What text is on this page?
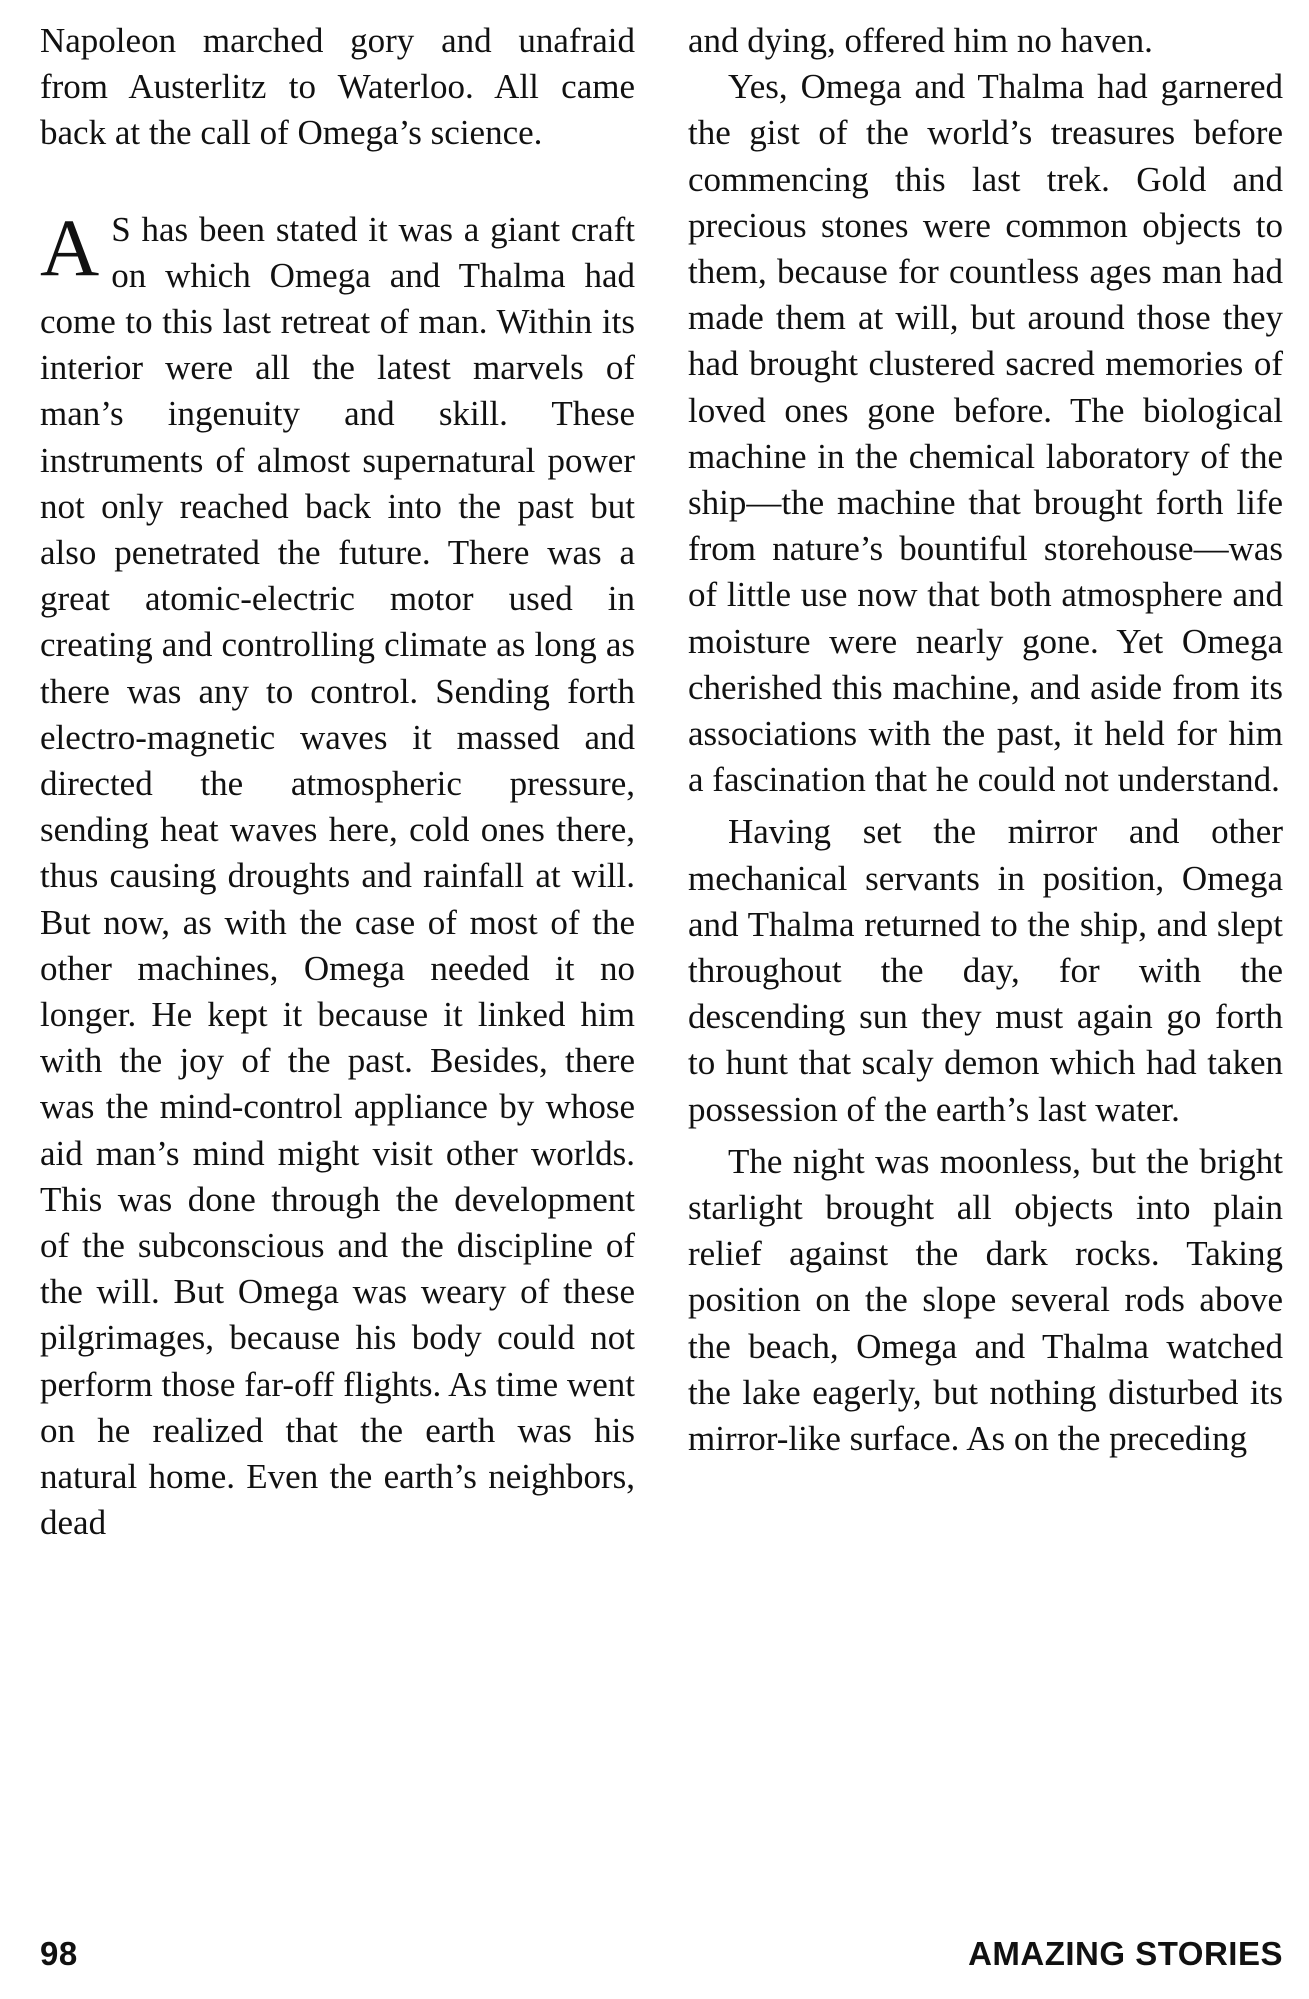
Napoleon marched gory and unafraid from Austerlitz to Waterloo. All came back at the call of Omega’s science.

A S has been stated it was a giant craft on which Omega and Thalma had come to this last retreat of man. Within its interior were all the latest marvels of man’s ingenuity and skill. These instruments of almost supernatural power not only reached back into the past but also penetrated the future. There was a great atomic-electric motor used in creating and controlling climate as long as there was any to control. Sending forth electro-magnetic waves it massed and directed the atmospheric pressure, sending heat waves here, cold ones there, thus causing droughts and rainfall at will. But now, as with the case of most of the other machines, Omega needed it no longer. He kept it because it linked him with the joy of the past. Besides, there was the mind-control appliance by whose aid man’s mind might visit other worlds. This was done through the development of the subconscious and the discipline of the will. But Omega was weary of these pilgrimages, because his body could not perform those far-off flights. As time went on he realized that the earth was his natural home. Even the earth’s neighbors, dead

and dying, offered him no haven.

Yes, Omega and Thalma had garnered the gist of the world’s treasures before commencing this last trek. Gold and precious stones were common objects to them, because for countless ages man had made them at will, but around those they had brought clustered sacred memories of loved ones gone before. The biological machine in the chemical laboratory of the ship—the machine that brought forth life from nature’s bountiful storehouse—was of little use now that both atmosphere and moisture were nearly gone. Yet Omega cherished this machine, and aside from its associations with the past, it held for him a fascination that he could not understand.

Having set the mirror and other mechanical servants in position, Omega and Thalma returned to the ship, and slept throughout the day, for with the descending sun they must again go forth to hunt that scaly demon which had taken possession of the earth’s last water.

The night was moonless, but the bright starlight brought all objects into plain relief against the dark rocks. Taking position on the slope several rods above the beach, Omega and Thalma watched the lake eagerly, but nothing disturbed its mirror-like surface. As on the preceding

98	AMAZING STORIES
